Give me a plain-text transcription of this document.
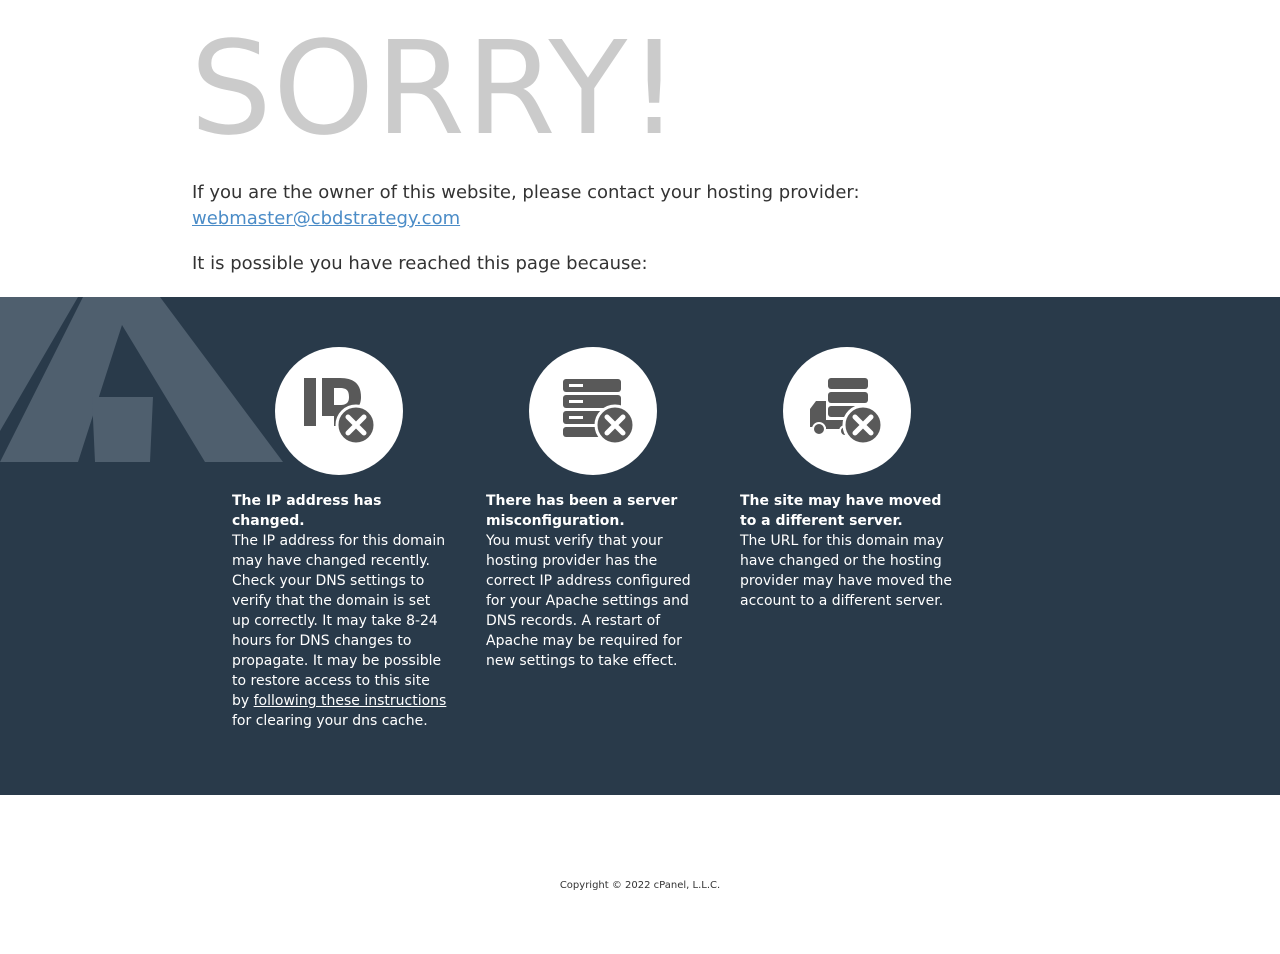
SORRY!

If you are the owner of this website, please contact your hosting provider:
webmaster@cbdstrategy.com

It is possible you have reached this page because:

The IP address has changed.

The IP address for this domain may have changed recently. Check your DNS settings to verify that the domain is set up correctly. It may take 8-24 hours for DNS changes to propagate. It may be possible to restore access to this site by following these instructions for clearing your dns cache.

There has been a server misconfiguration.

You must verify that your hosting provider has the correct IP address configured for your Apache settings and DNS records. A restart of Apache may be required for new settings to take effect.

The site may have moved to a different server.

The URL for this domain may have changed or the hosting provider may have moved the account to a different server.

Copyright © 2022 cPanel, L.L.C.
